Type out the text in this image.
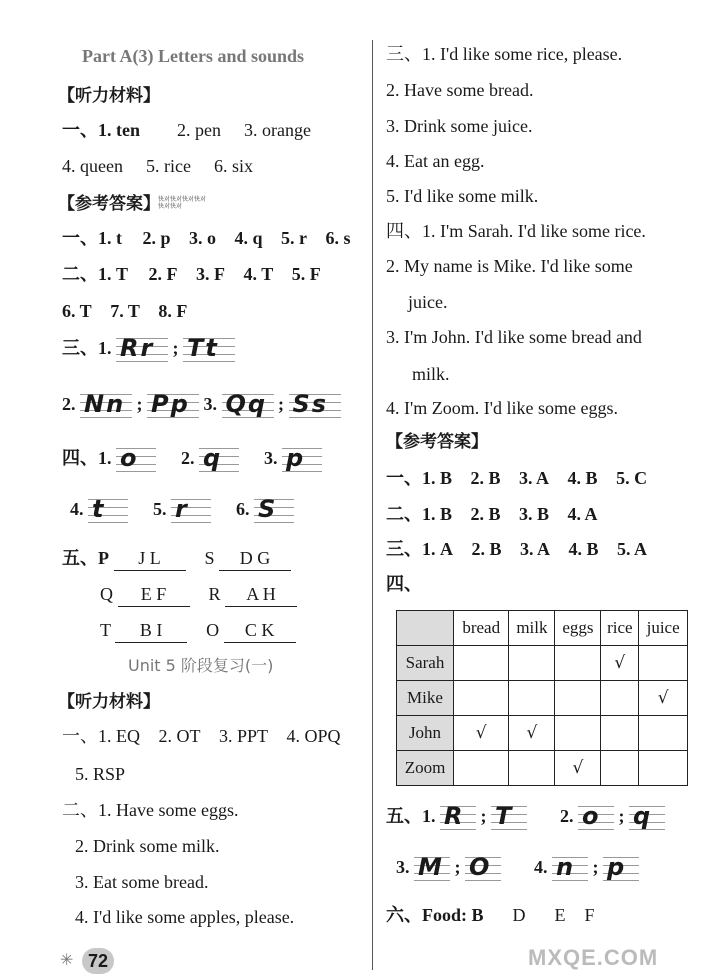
Part A(3) Letters and sounds
【听力材料】
一、1. ten 2. pen 3. orange
4. queen 5. rice 6. six
【参考答案】
快对快对快对快对快对快对
一、1. t 2. p 3. o 4. q 5. r 6. s
二、1. T 2. F 3. F 4. T 5. F
6. T 7. T 8. F
三、1. Rr ; Tt
2. Nn ; Pp 3. Qq ; Ss
四、1. o 2. q 3. p
4. t	5. r	6. S
五、P J L S D G
Q E F R A H
T B I O C K
Unit 5 阶段复习(一)
【听力材料】
一、1. EQ 2. OT 3. PPT 4. OPQ
5. RSP
二、1. Have some eggs.
2. Drink some milk.
3. Eat some bread.
4. I'd like some apples, please.
✳ 72
三、1. I'd like some rice, please.
2. Have some bread.
3. Drink some juice.
4. Eat an egg.
5. I'd like some milk.
四、1. I'm Sarah. I'd like some rice.
2. My name is Mike. I'd like some
juice.
3. I'm John. I'd like some bread and
milk.
4. I'm Zoom. I'd like some eggs.
【参考答案】
一、1. B 2. B 3. A 4. B 5. C
二、1. B 2. B 3. B 4. A
三、1. A 2. B 3. A 4. B 5. A
四、
	bread	milk	eggs	rice	juice
Sarah				√	
Mike					√
John	√	√			
Zoom			√		
五、1. R ; T	2. o ; q
3. M ; O 4. n ; p
六、Food: B D E F
MXQE.COM
